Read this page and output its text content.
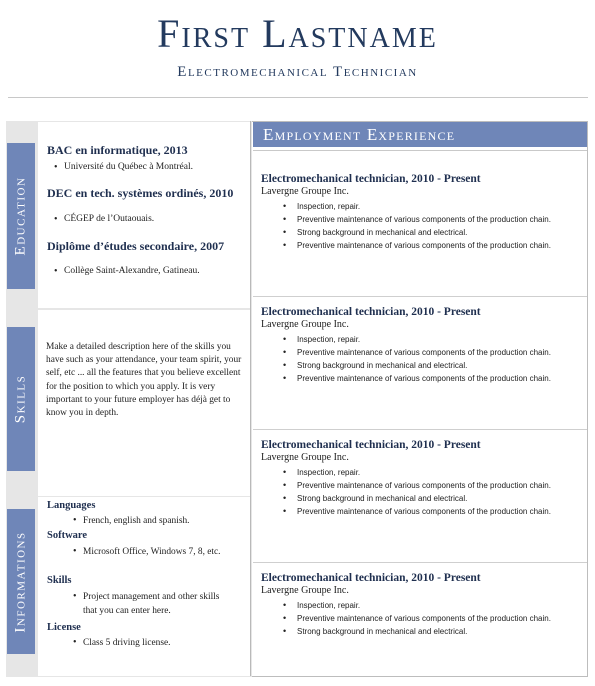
First Lastname
Electromechanical Technician
Education
Skills
Informations
BAC en informatique, 2013
• Université du Québec à Montréal.
DEC en tech. systèmes ordinés, 2010
• CÉGEP de l’Outaouais.
Diplôme d’études secondaire, 2007
• Collège Saint-Alexandre, Gatineau.
Make a detailed description here of the skills you have such as your attendance, your team spirit, your self, etc ... all the features that you believe excellent for the position to which you apply. It is very important to your future employer has déjà get to know you in depth.
Languages
• French, english and spanish.
Software
• Microsoft Office, Windows 7, 8, etc.
Skills
• Project management and other skills that you can enter here.
License
• Class 5 driving license.
Employment Experience
Electromechanical technician, 2010 - Present
Lavergne Groupe Inc.
• Inspection, repair.
• Preventive maintenance of various components of the production chain.
• Strong background in mechanical and electrical.
• Preventive maintenance of various components of the production chain.
Electromechanical technician, 2010 - Present
Lavergne Groupe Inc.
• Inspection, repair.
• Preventive maintenance of various components of the production chain.
• Strong background in mechanical and electrical.
• Preventive maintenance of various components of the production chain.
Electromechanical technician, 2010 - Present
Lavergne Groupe Inc.
• Inspection, repair.
• Preventive maintenance of various components of the production chain.
• Strong background in mechanical and electrical.
• Preventive maintenance of various components of the production chain.
Electromechanical technician, 2010 - Present
Lavergne Groupe Inc.
• Inspection, repair.
• Preventive maintenance of various components of the production chain.
• Strong background in mechanical and electrical.
